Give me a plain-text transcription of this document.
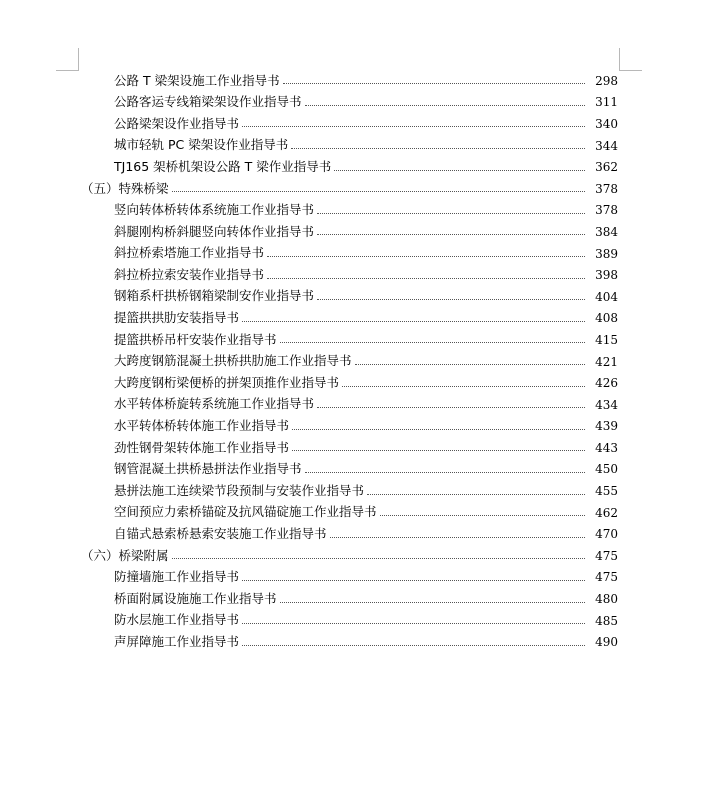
公路 T 梁架设施工作业指导书	298
公路客运专线箱梁架设作业指导书	311
公路梁架设作业指导书	340
城市轻轨 PC 梁架设作业指导书	344
TJ165 架桥机架设公路 T 梁作业指导书	362
（五）特殊桥梁	378
竖向转体桥转体系统施工作业指导书	378
斜腿刚构桥斜腿竖向转体作业指导书	384
斜拉桥索塔施工作业指导书	389
斜拉桥拉索安装作业指导书	398
钢箱系杆拱桥钢箱梁制安作业指导书	404
提篮拱拱肋安装指导书	408
提篮拱桥吊杆安装作业指导书	415
大跨度钢筋混凝土拱桥拱肋施工作业指导书	421
大跨度钢桁梁便桥的拼架顶推作业指导书	426
水平转体桥旋转系统施工作业指导书	434
水平转体桥转体施工作业指导书	439
劲性钢骨架转体施工作业指导书	443
钢管混凝土拱桥悬拼法作业指导书	450
悬拼法施工连续梁节段预制与安装作业指导书	455
空间预应力索桥锚碇及抗风锚碇施工作业指导书	462
自锚式悬索桥悬索安装施工作业指导书	470
（六）桥梁附属	475
防撞墙施工作业指导书	475
桥面附属设施施工作业指导书	480
防水层施工作业指导书	485
声屏障施工作业指导书	490
